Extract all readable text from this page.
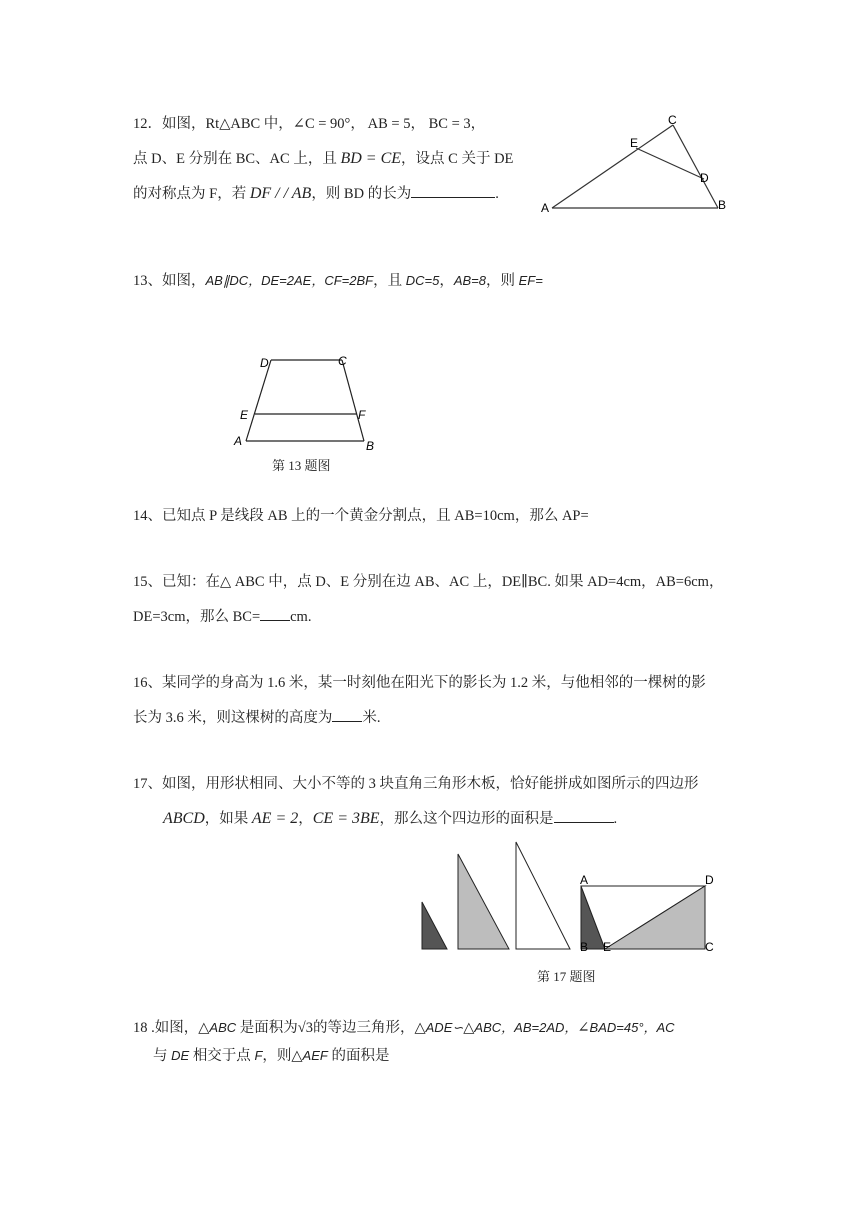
12．如图，Rt△ABC 中，∠C = 90°， AB = 5， BC = 3，
点 D、E 分别在 BC、AC 上，且 BD = CE，设点 C 关于 DE
的对称点为 F，若 DF / / AB，则 BD 的长为	.
A	B
C
D
E
13、如图，AB∥DC，DE=2AE，CF=2BF，且 DC=5，AB=8，则 EF=
D	C
E	F
A	B
第 13 题图
14、已知点 P 是线段 AB 上的一个黄金分割点，且 AB=10cm，那么 AP=
15、已知：在△ ABC 中，点 D、E 分别在边 AB、AC 上，DE∥BC. 如果 AD=4cm，AB=6cm，
DE=3cm，那么 BC= cm.
16、某同学的身高为 1.6 米，某一时刻他在阳光下的影长为 1.2 米，与他相邻的一棵树的影
长为 3.6 米，则这棵树的高度为 米.
17、如图，用形状相同、大小不等的 3 块直角三角形木板，恰好能拼成如图所示的四边形
ABCD，如果 AE = 2，CE = 3BE，那么这个四边形的面积是	.
A	D
B E	C
第 17 题图
18 .如图，△ABC 是面积为√3的等边三角形，△ADE∽△ABC，AB=2AD，∠BAD=45°，AC
与 DE 相交于点 F，则△AEF 的面积是
